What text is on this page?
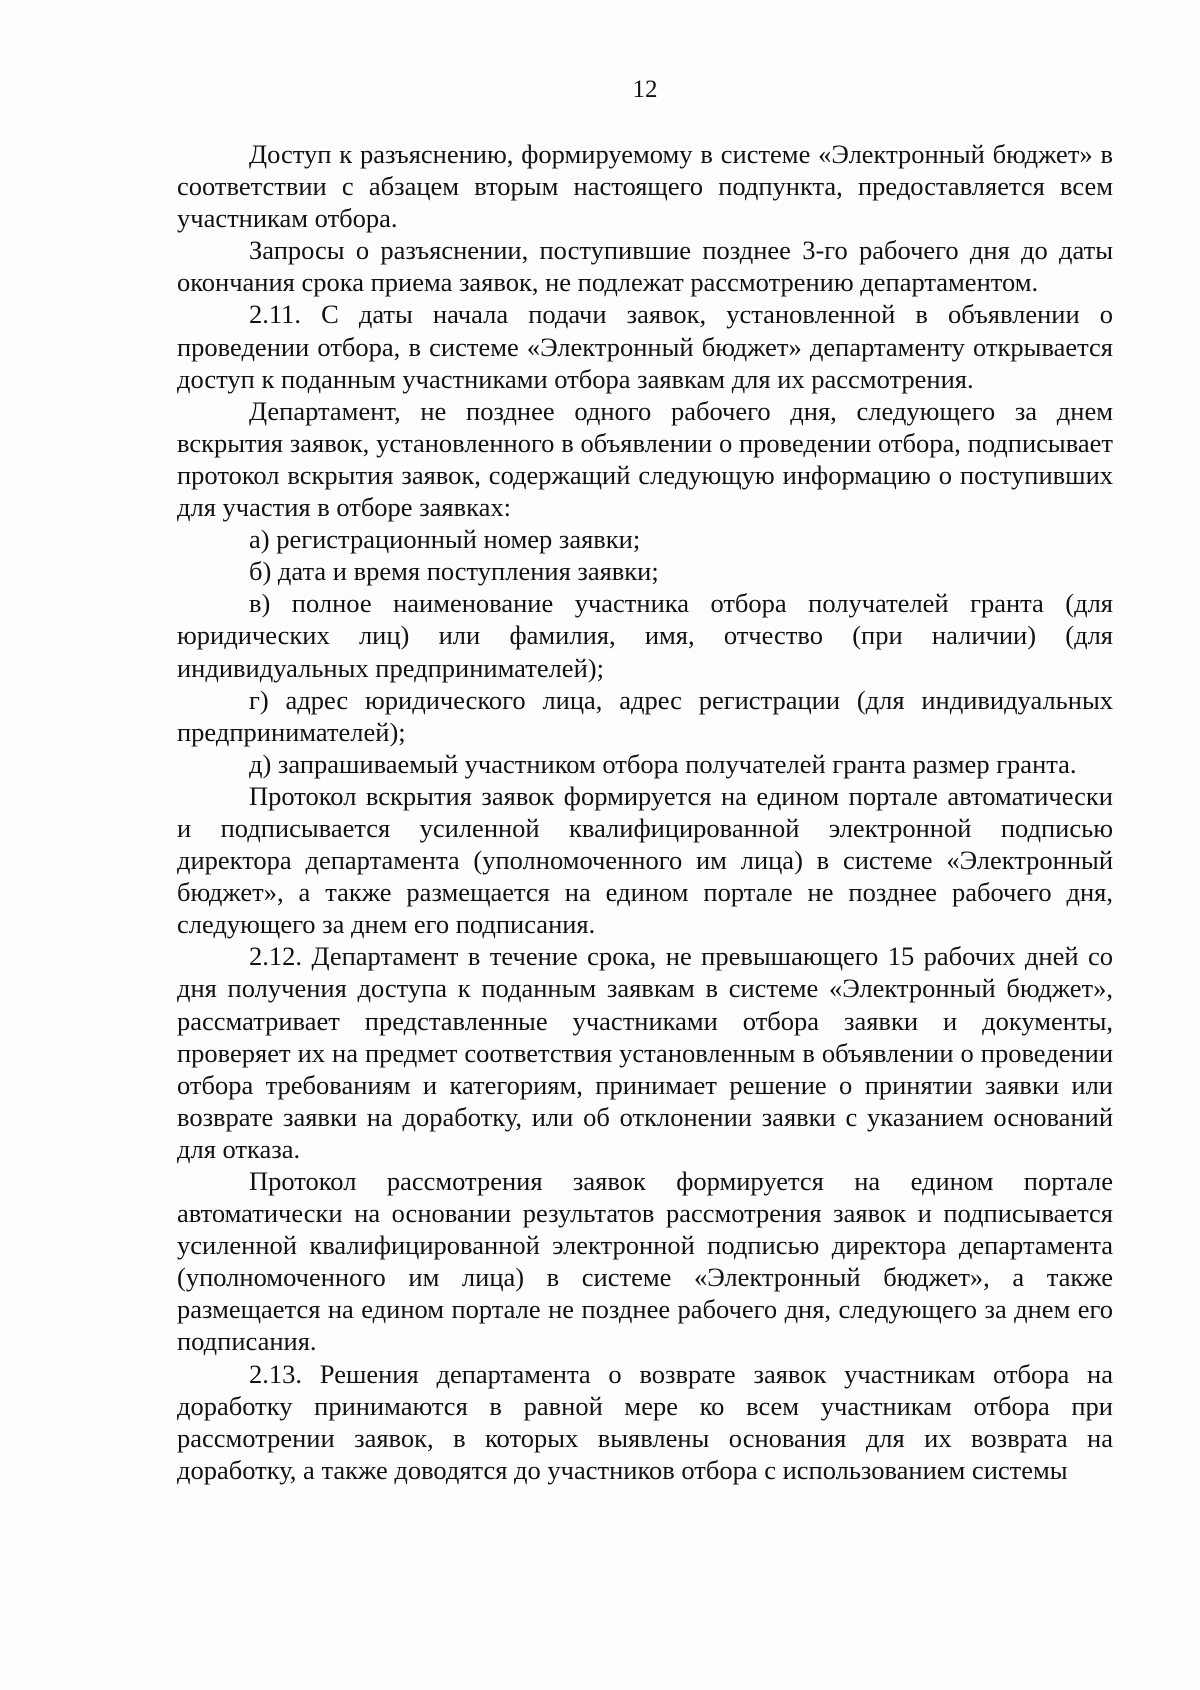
12

Доступ к разъяснению, формируемому в системе «Электронный бюджет» в соответствии с абзацем вторым настоящего подпункта, предоставляется всем участникам отбора.

Запросы о разъяснении, поступившие позднее 3-го рабочего дня до даты окончания срока приема заявок, не подлежат рассмотрению департаментом.

2.11. С даты начала подачи заявок, установленной в объявлении о проведении отбора, в системе «Электронный бюджет» департаменту открывается доступ к поданным участниками отбора заявкам для их рассмотрения.

Департамент, не позднее одного рабочего дня, следующего за днем вскрытия заявок, установленного в объявлении о проведении отбора, подписывает протокол вскрытия заявок, содержащий следующую информацию о поступивших для участия в отборе заявках:

а) регистрационный номер заявки;

б) дата и время поступления заявки;

в) полное наименование участника отбора получателей гранта (для юридических лиц) или фамилия, имя, отчество (при наличии) (для индивидуальных предпринимателей);

г) адрес юридического лица, адрес регистрации (для индивидуальных предпринимателей);

д) запрашиваемый участником отбора получателей гранта размер гранта.

Протокол вскрытия заявок формируется на едином портале автоматически и подписывается усиленной квалифицированной электронной подписью директора департамента (уполномоченного им лица) в системе «Электронный бюджет», а также размещается на едином портале не позднее рабочего дня, следующего за днем его подписания.

2.12. Департамент в течение срока, не превышающего 15 рабочих дней со дня получения доступа к поданным заявкам в системе «Электронный бюджет», рассматривает представленные участниками отбора заявки и документы, проверяет их на предмет соответствия установленным в объявлении о проведении отбора требованиям и категориям, принимает решение о принятии заявки или возврате заявки на доработку, или об отклонении заявки с указанием оснований для отказа.

Протокол рассмотрения заявок формируется на едином портале автоматически на основании результатов рассмотрения заявок и подписывается усиленной квалифицированной электронной подписью директора департамента (уполномоченного им лица) в системе «Электронный бюджет», а также размещается на едином портале не позднее рабочего дня, следующего за днем его подписания.

2.13. Решения департамента о возврате заявок участникам отбора на доработку принимаются в равной мере ко всем участникам отбора при рассмотрении заявок, в которых выявлены основания для их возврата на доработку, а также доводятся до участников отбора с использованием системы
